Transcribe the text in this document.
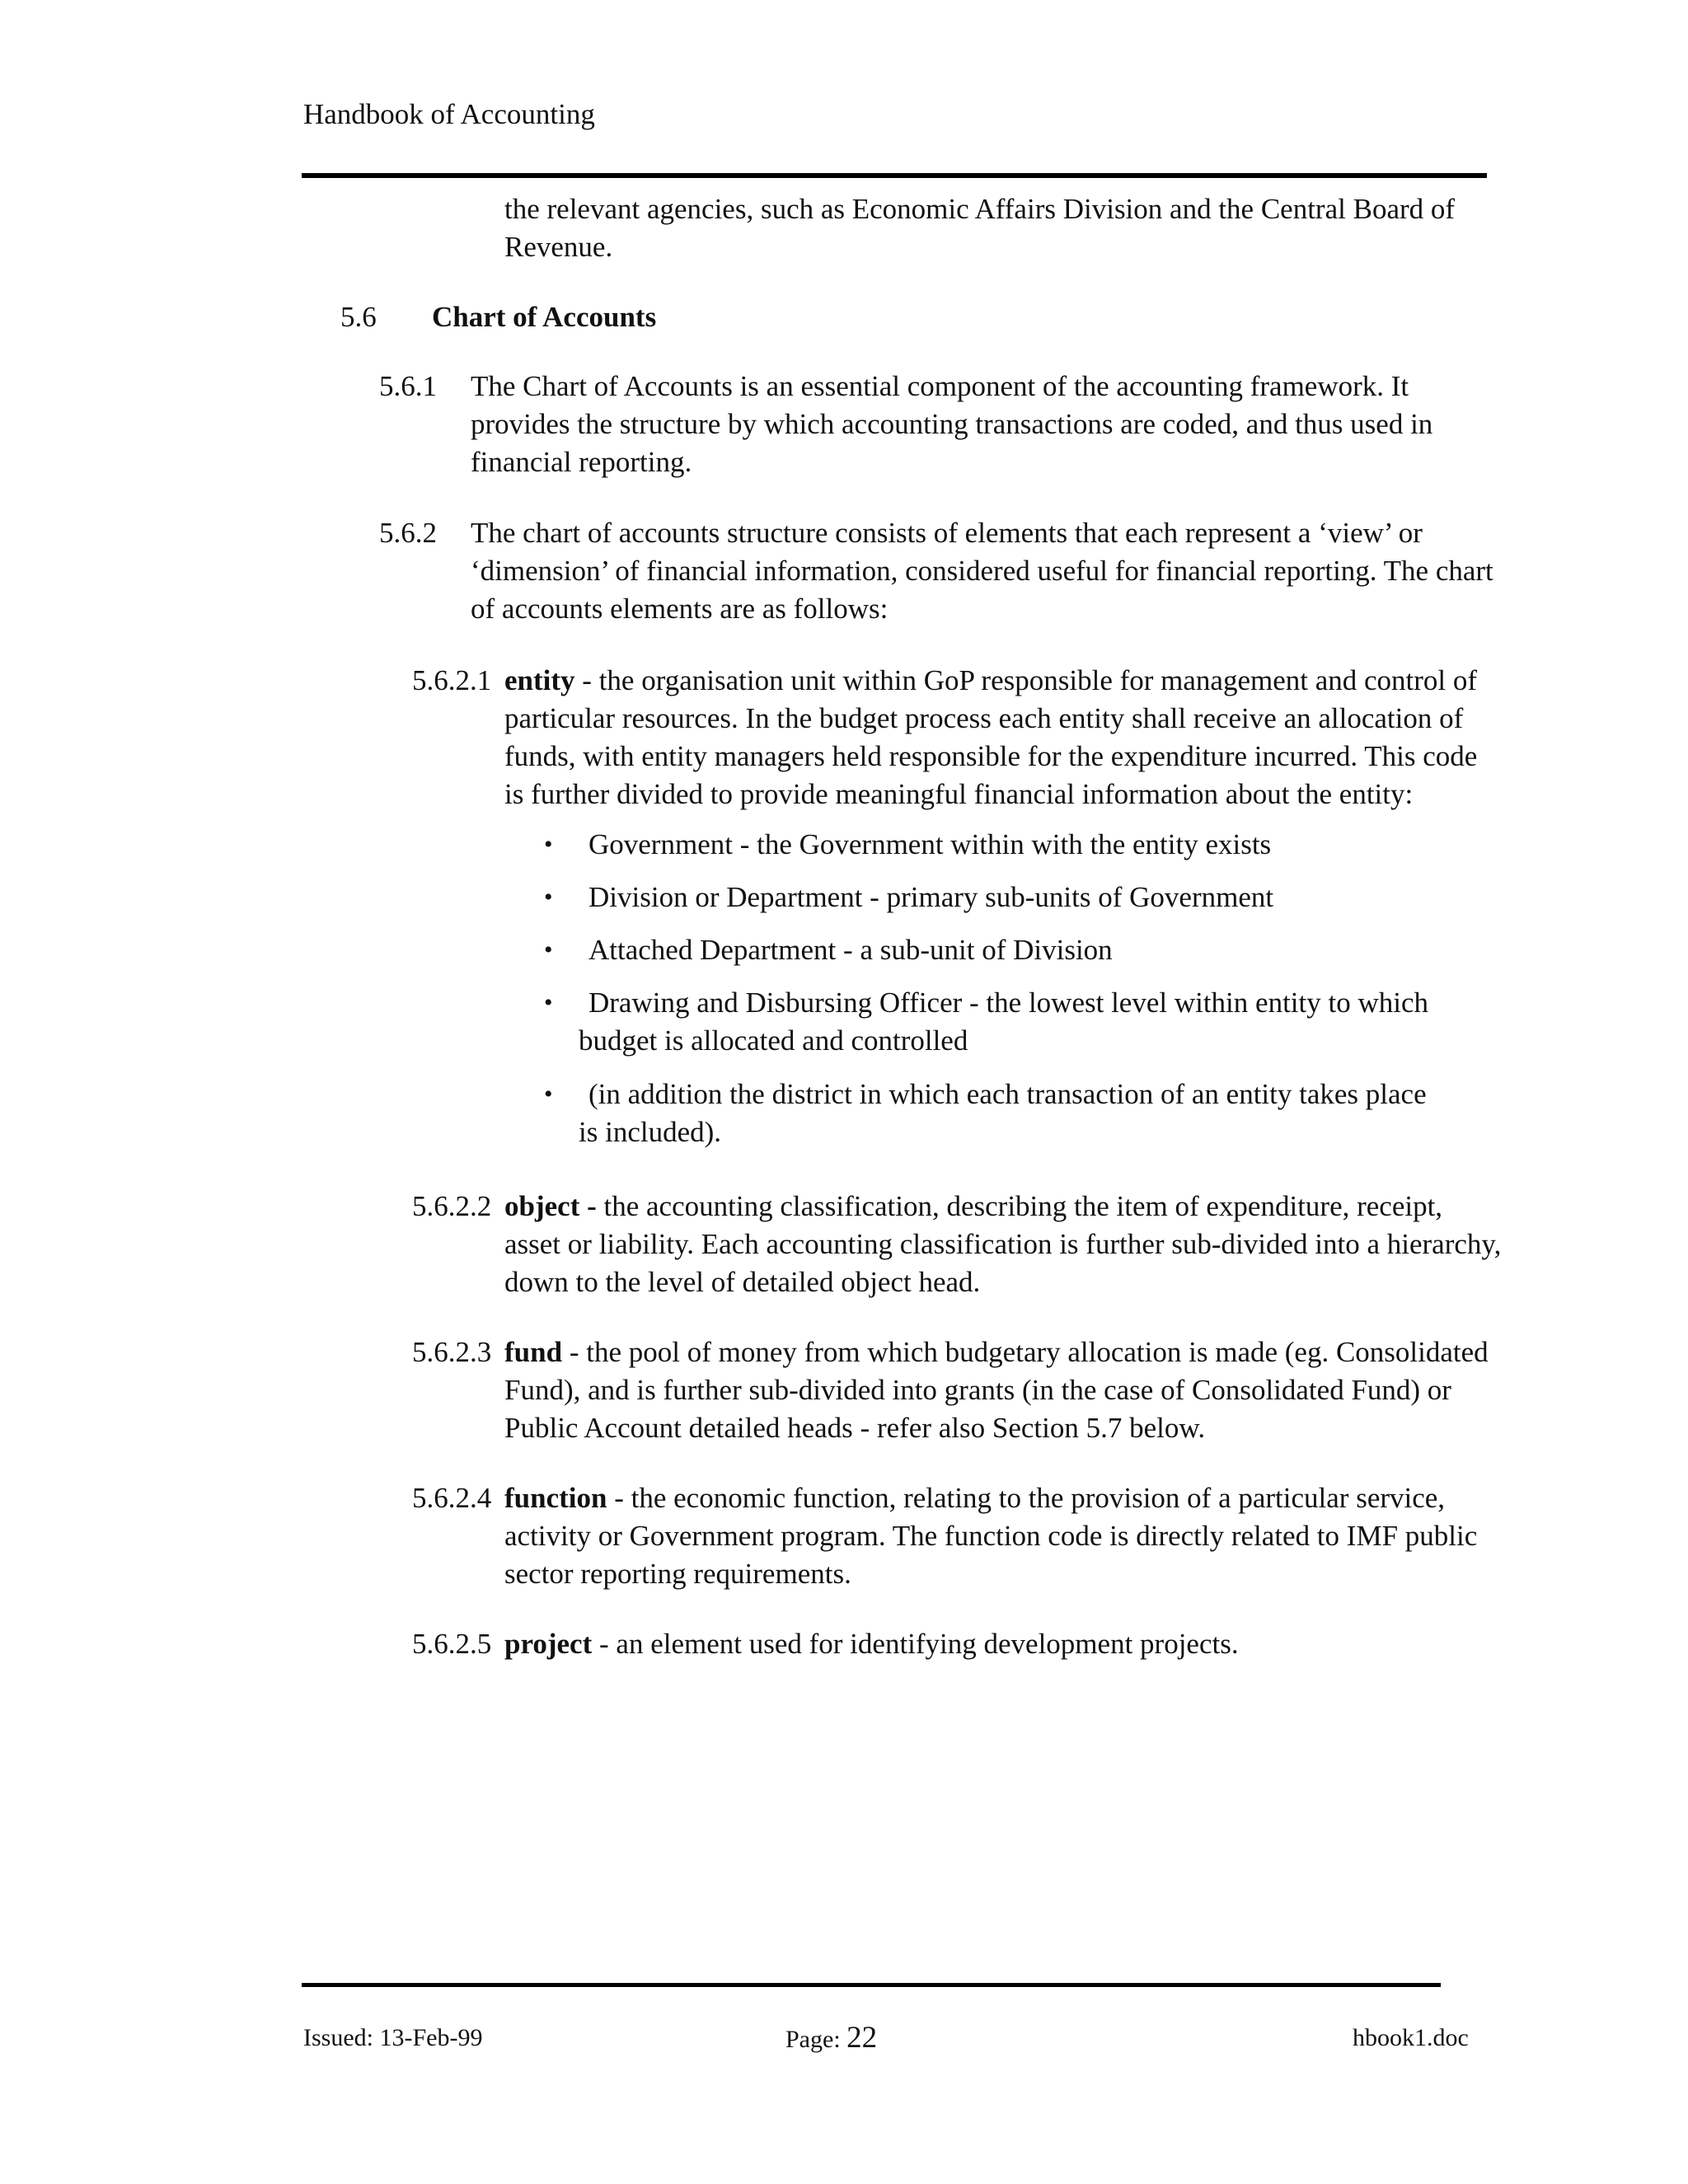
Handbook of Accounting
the relevant agencies, such as Economic Affairs Division and the Central Board of Revenue.
5.6 Chart of Accounts
5.6.1 The Chart of Accounts is an essential component of the accounting framework. It provides the structure by which accounting transactions are coded, and thus used in financial reporting.
5.6.2 The chart of accounts structure consists of elements that each represent a ‘view’ or ‘dimension’ of financial information, considered useful for financial reporting. The chart of accounts elements are as follows:
5.6.2.1 entity - the organisation unit within GoP responsible for management and control of particular resources. In the budget process each entity shall receive an allocation of funds, with entity managers held responsible for the expenditure incurred. This code is further divided to provide meaningful financial information about the entity:
• Government - the Government within with the entity exists
• Division or Department - primary sub-units of Government
• Attached Department - a sub-unit of Division
•	Drawing and Disbursing Officer - the lowest level within entity to which budget is allocated and controlled
•	(in addition the district in which each transaction of an entity takes place is included).
5.6.2.2 object - the accounting classification, describing the item of expenditure, receipt, asset or liability. Each accounting classification is further sub-divided into a hierarchy, down to the level of detailed object head.
5.6.2.3 fund - the pool of money from which budgetary allocation is made (eg. Consolidated Fund), and is further sub-divided into grants (in the case of Consolidated Fund) or Public Account detailed heads - refer also Section 5.7 below.
5.6.2.4 function - the economic function, relating to the provision of a particular service, activity or Government program. The function code is directly related to IMF public sector reporting requirements.
5.6.2.5 project - an element used for identifying development projects.
Issued: 13-Feb-99	Page: 22	hbook1.doc
